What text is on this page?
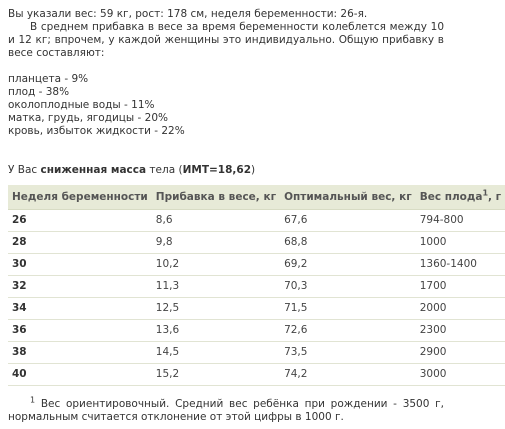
Вы указали вес: 59 кг, рост: 178 см, неделя беременности: 26-я.

В среднем прибавка в весе за время беременности колеблется между 10 и 12 кг; впрочем, у каждой женщины это индивидуально. Общую прибавку в весе составляют:

планцета - 9%
плод - 38%
околоплодные воды - 11%
матка, грудь, ягодицы - 20%
кровь, избыток жидкости - 22%

У Вас сниженная масса тела (ИМТ=18,62)

Неделя беременности	Прибавка в весе, кг	Оптимальный вес, кг	Вес плода$^1$, г
26	8,6	67,6	794-800
28	9,8	68,8	1000
30	10,2	69,2	1360-1400
32	11,3	70,3	1700
34	12,5	71,5	2000
36	13,6	72,6	2300
38	14,5	73,5	2900
40	15,2	74,2	3000

$^1$ Вес ориентировочный. Средний вес ребёнка при рождении - 3500 г, нормальным считается отклонение от этой цифры в 1000 г.
